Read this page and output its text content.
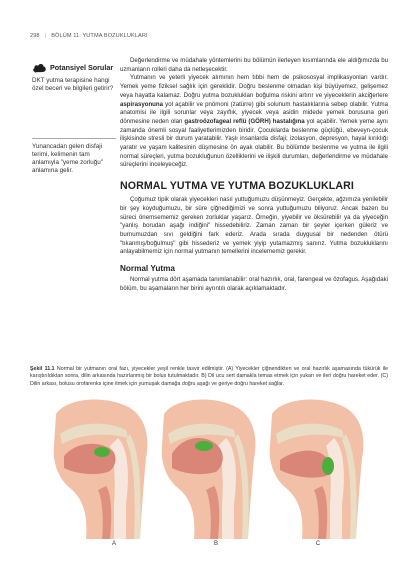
298 | BÖLÜM 11: YUTMA BOZUKLUKLARI
Potansiyel Sorular
DKT yutma terapisine hangi özel beceri ve bilgileri getirir?
Yunancadan gelen disfaji terimi, kelimenin tam anlamıyla "yeme zorluğu" anlamına gelir.

Değerlendirme ve müdahale yöntemlerini bu bölümün ilerleyen kısımlarında ele aldığımızda bu uzmanların rolleri daha da netleşecektir.

Yutmanın ve yeterli yiyecek alımının hem tıbbi hem de psikososyal implikasyonları vardır. Yemek yeme fiziksel sağlık için gereklidir. Doğru beslenme olmadan kişi büyüyemez, gelişemez veya hayatta kalamaz. Doğru yutma bozuklukları boğulma riskini artırır ve yiyeceklerin akciğerlere aspirasyonuna yol açabilir ve pnömoni (zatürre) gibi solunum hastalıklarına sebep olabilir. Yutma anatomisi ile ilgili sorunlar veya zayıflık, yiyecek veya asidin midede yemek borusuna geri dönmesine neden olan gastroözofageal reflü (GÖRH) hastalığına yol açabilir. Yemek yeme aynı zamanda önemli sosyal faaliyetlerimizden biridir. Çocuklarda beslenme güçlüğü, ebeveyn-çocuk ilişkisinde stresli bir durum yaratabilir. Yaşlı insanlarda disfaji; izolasyon, depresyon, hayal kırıklığı yaratır ve yaşam kalitesinin düşmesine ön ayak olabilir. Bu bölümde beslenme ve yutma ile ilgili normal süreçleri, yutma bozukluğunun özelliklerini ve ilişkili durumları, değerlendirme ve müdahale süreçlerini inceleyeceğiz.

NORMAL YUTMA VE YUTMA BOZUKLUKLARI

Çoğumuz tipik olarak yiyecekleri nasıl yuttuğumuzu düşünmeyiz. Gerçekte, ağzımıza yenilebilir bir şey koyduğumuzu, bir süre çiğnediğimizi ve sonra yuttuğumuzu biliyoruz. Ancak bazen bu süreci önemsememiz gereken zorluklar yaşarız. Örneğin, yiyebilir ve öksürebilir ya da yiyeceğin "yanlış borudan aşağı indiğini" hissedebiliriz. Zaman zaman bir şeyler içerken güleriz ve burnumuzdan sıvı geldiğini fark ederiz. Arada sırada duygusal bir nedenden ötürü "tıkanmış/boğulmuş" gibi hissederiz ve yemek yiyip yutamazmış sanırız. Yutma bozukluklarını anlayabilmemiz için normal yutmanın temellerini incelememiz gerekir.

Normal Yutma

Normal yutma dört aşamada tanımlanabilir: oral hazırlık, oral, farengeal ve özofagus. Aşağıdaki bölüm, bu aşamaların her birini ayrıntılı olarak açıklamaktadır.

Şekil 11.1 Normal bir yutmanın oral fazı, yiyecekler yeşil renkle tasvir edilmiştir. (A) Yiyecekler çiğnendikten ve oral hazırlık aşamasında tükürük ile karıştırıldıktan sonra, dilin arkasında hazırlanmış bir bolus tutulmaktadır. B) Dil ucu sert damakla temas etmek için yukarı ve ileri doğru hareket eder. (C) Dilin arkası, bolusu orofarenks içine itmek için yumuşak damağa doğru aşağı ve geriye doğru hareket sağlar.

A	B	C
